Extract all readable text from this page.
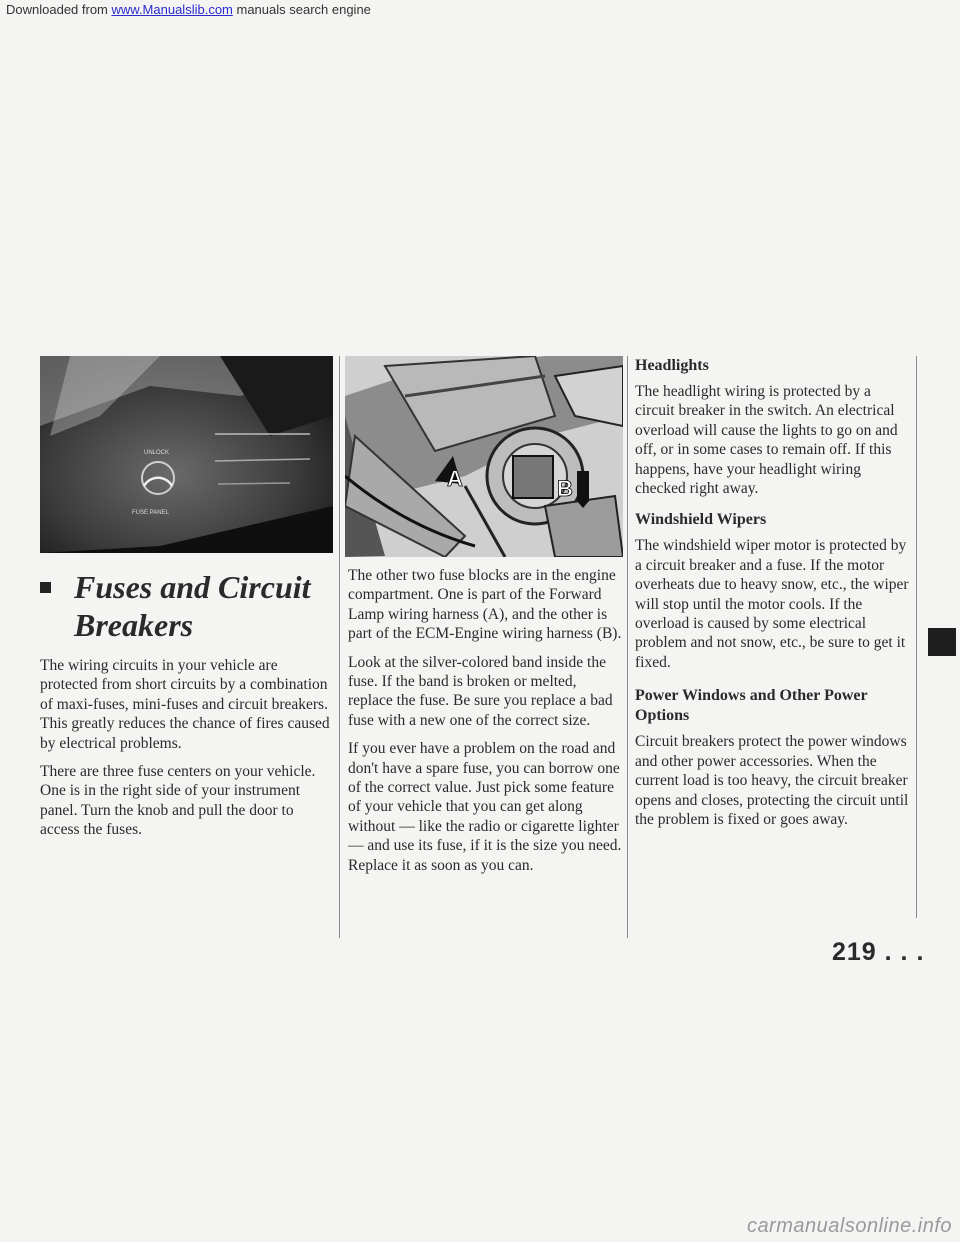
Downloaded from www.Manualslib.com manuals search engine
UNLOCK
FUSE PANEL
Fuses and Circuit
Breakers

The wiring circuits in your vehicle are protected from short circuits by a combination of maxi-fuses, mini-fuses and circuit breakers. This greatly reduces the chance of fires caused by electrical problems.

There are three fuse centers on your vehicle. One is in the right side of your instrument panel. Turn the knob and pull the door to access the fuses.

A	B

The other two fuse blocks are in the engine compartment. One is part of the Forward Lamp wiring harness (A), and the other is part of the ECM-Engine wiring harness (B).

Look at the silver-colored band inside the fuse. If the band is broken or melted, replace the fuse. Be sure you replace a bad fuse with a new one of the correct size.

If you ever have a problem on the road and don't have a spare fuse, you can borrow one of the correct value. Just pick some feature of your vehicle that you can get along without — like the radio or cigarette lighter — and use its fuse, if it is the size you need. Replace it as soon as you can.

Headlights

The headlight wiring is protected by a circuit breaker in the switch. An electrical overload will cause the lights to go on and off, or in some cases to remain off. If this happens, have your headlight wiring checked right away.

Windshield Wipers

The windshield wiper motor is protected by a circuit breaker and a fuse. If the motor overheats due to heavy snow, etc., the wiper will stop until the motor cools. If the overload is caused by some electrical problem and not snow, etc., be sure to get it fixed.

Power Windows and Other Power Options

Circuit breakers protect the power windows and other power accessories. When the current load is too heavy, the circuit breaker opens and closes, protecting the circuit until the problem is fixed or goes away.

219 . . .
carmanualsonline.info
